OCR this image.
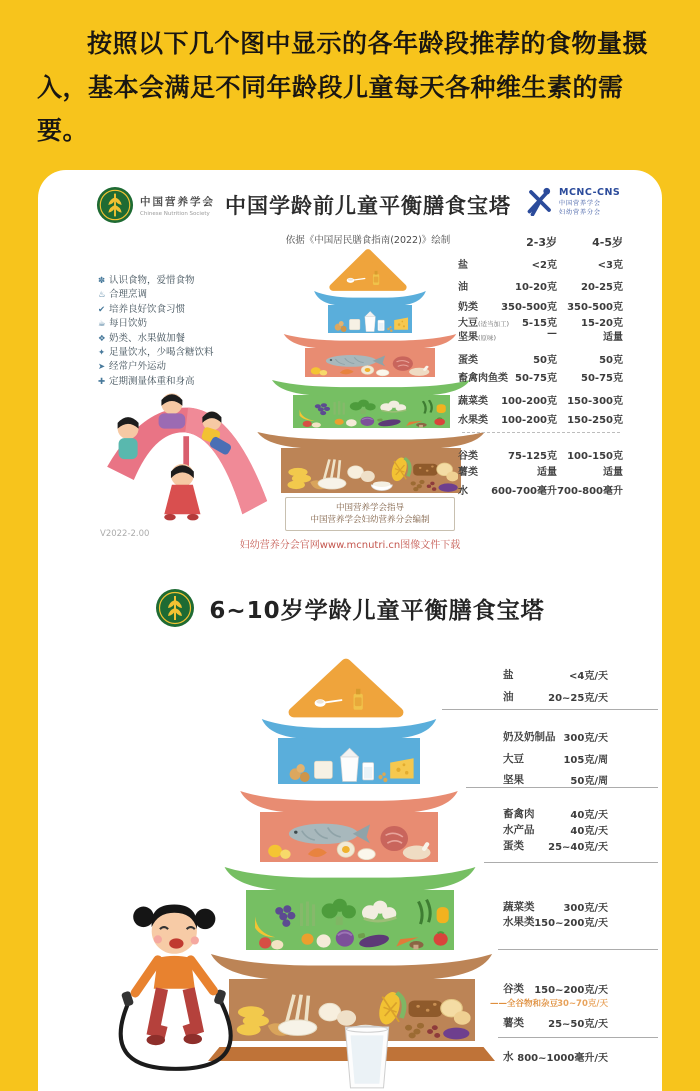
按照以下几个图中显示的各年龄段推荐的食物量摄入，基本会满足不同年龄段儿童每天各种维生素的需要。

中国营养学会
Chinese Nutrition Society 中国学龄前儿童平衡膳食宝塔
依据《中国居民膳食指南(2022)》绘制
MCNC-CNS
中国营养学会
妇幼营养分会
✽ 认识食物，爱惜食物
♨ 合理烹调
✔ 培养良好饮食习惯
☕ 每日饮奶
❖ 奶类、水果做加餐
✦ 足量饮水，少喝含糖饮料
➤ 经常户外运动
✚ 定期测量体重和身高
中国营养学会指导
中国营养学会妇幼营养分会编制
2-3岁	4-5岁
盐	<2克	<3克
油	10-20克 20-25克
奶类 350-500克 350-500克
大豆(适当加工) 5-15克 15-20克
坚果(原味)	—	适量
蛋类	50克	50克
畜禽肉鱼类 50-75克 50-75克
蔬菜类 100-200克 150-300克
水果类 100-200克 150-250克
谷类	75-125克 100-150克
薯类	适量	适量
水 600-700毫升 700-800毫升
V2022-2.00
妇幼营养分会官网www.mcnutri.cn图像文件下载
6~10岁学龄儿童平衡膳食宝塔
盐	<4克/天
油	20~25克/天
奶及奶制品 300克/天
大豆	105克/周
坚果	50克/周
畜禽肉	40克/天
水产品	40克/天
蛋类 25~40克/天
蔬菜类	300克/天
水果类 150~200克/天
谷类 150~200克/天
——全谷物和杂豆 30~70克/天
薯类 25~50克/天
水 800~1000毫升/天
